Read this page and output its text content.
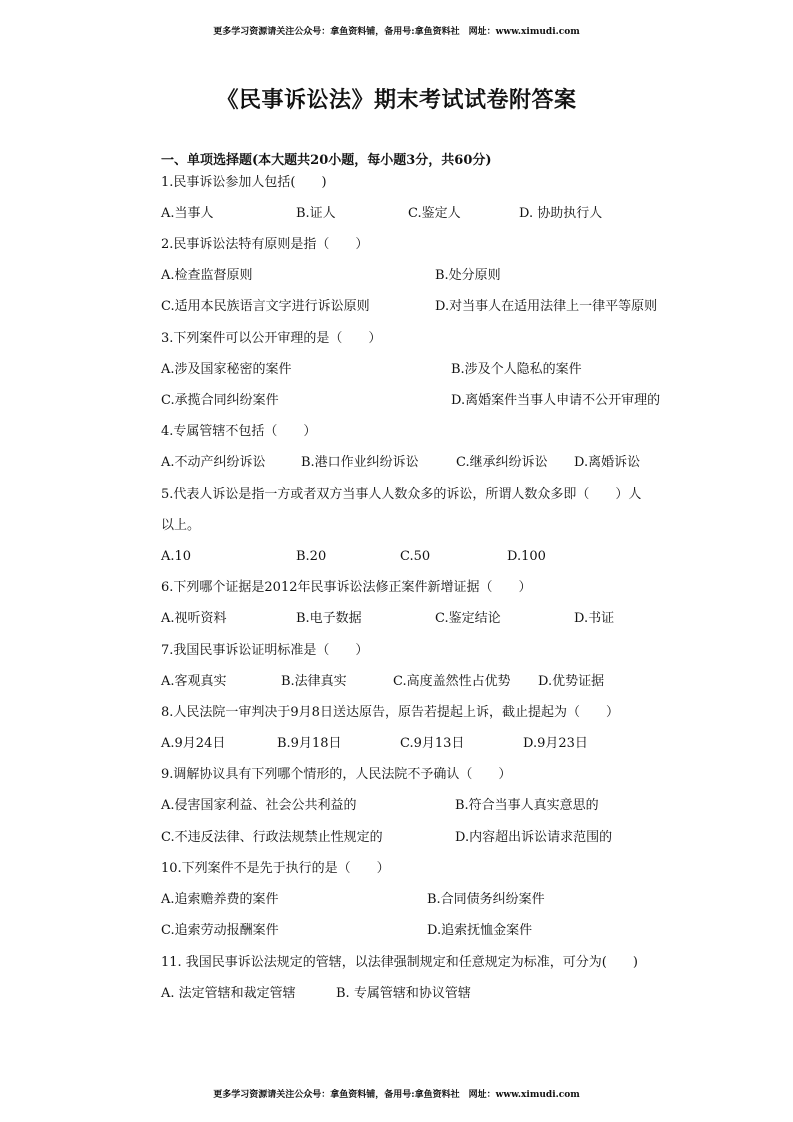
更多学习资源请关注公众号：拿鱼资料铺，备用号:拿鱼资料社　网址：www.ximudi.com
《民事诉讼法》期末考试试卷附答案
一、单项选择题(本大题共20小题，每小题3分，共60分)
1.民事诉讼参加人包括(　　)
A.当事人	B.证人	C.鉴定人	D. 协助执行人
2.民事诉讼法特有原则是指（　　）
A.检查监督原则	B.处分原则
C.适用本民族语言文字进行诉讼原则	D.对当事人在适用法律上一律平等原则
3.下列案件可以公开审理的是（　　）
A.涉及国家秘密的案件	B.涉及个人隐私的案件
C.承揽合同纠纷案件	D.离婚案件当事人申请不公开审理的
4.专属管辖不包括（　　）
A.不动产纠纷诉讼	B.港口作业纠纷诉讼	C.继承纠纷诉讼 D.离婚诉讼
5.代表人诉讼是指一方或者双方当事人人数众多的诉讼，所谓人数众多即（　　）人
以上。
A.10	B.20	C.50	D.100
6.下列哪个证据是2012年民事诉讼法修正案件新增证据（　　）
A.视听资料	B.电子数据	C.鉴定结论	D.书证
7.我国民事诉讼证明标准是（　　）
A.客观真实	B.法律真实	C.高度盖然性占优势 D.优势证据
8.人民法院一审判决于9月8日送达原告，原告若提起上诉，截止提起为（　　）
A.9月24日	B.9月18日	C.9月13日	D.9月23日
9.调解协议具有下列哪个情形的，人民法院不予确认（　　）
A.侵害国家利益、社会公共利益的	B.符合当事人真实意思的
C.不违反法律、行政法规禁止性规定的	D.内容超出诉讼请求范围的
10.下列案件不是先于执行的是（　　）
A.追索赡养费的案件	B.合同债务纠纷案件
C.追索劳动报酬案件	D.追索抚恤金案件
11. 我国民事诉讼法规定的管辖，以法律强制规定和任意规定为标准，可分为(　　)
A. 法定管辖和裁定管辖	B. 专属管辖和协议管辖
更多学习资源请关注公众号：拿鱼资料铺，备用号:拿鱼资料社　网址：www.ximudi.com
